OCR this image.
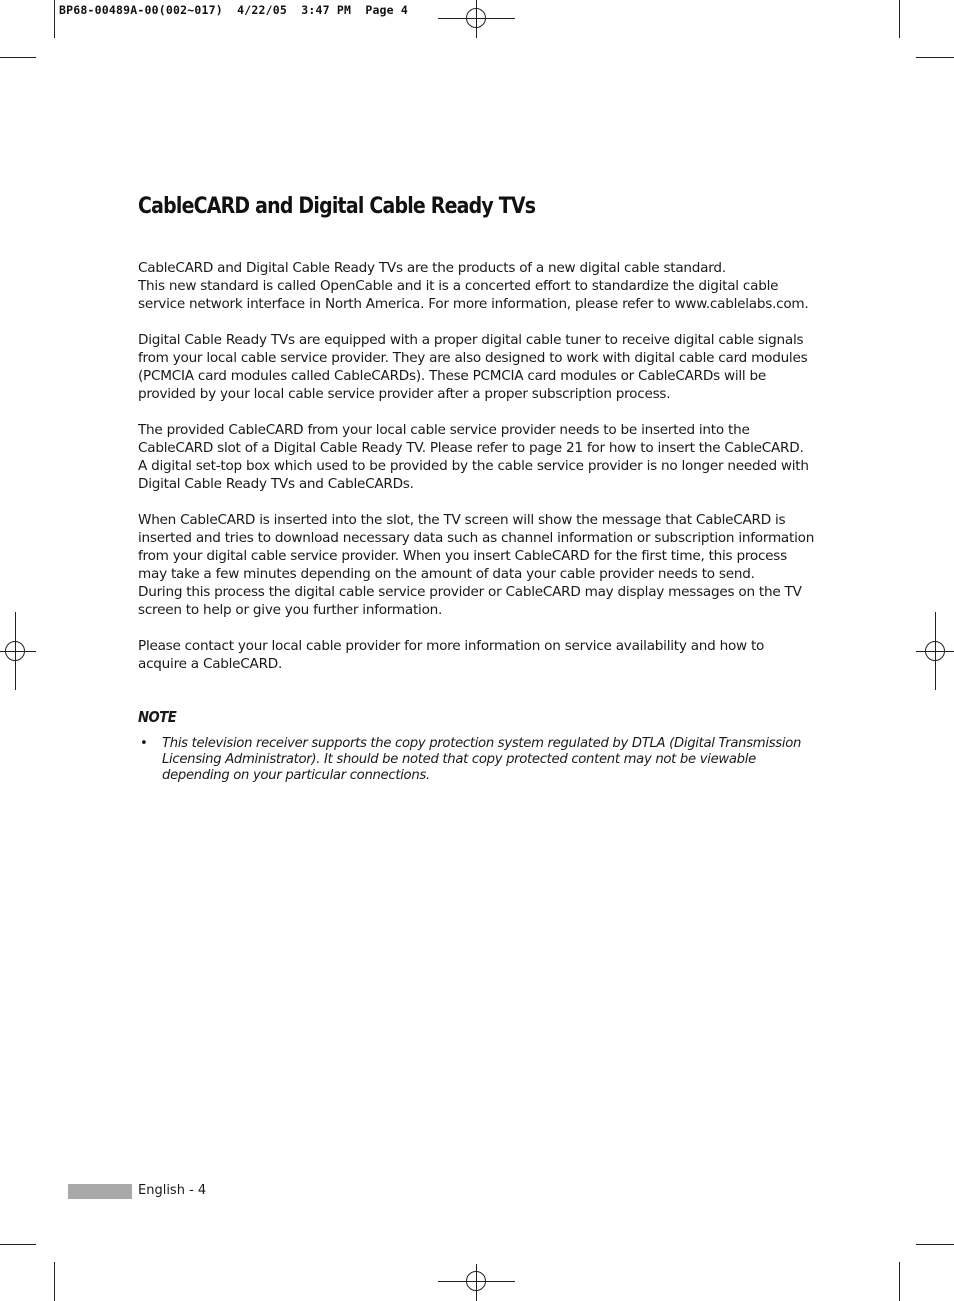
BP68-00489A-00(002~017)  4/22/05  3:47 PM  Page 4
CableCARD and Digital Cable Ready TVs

CableCARD and Digital Cable Ready TVs are the products of a new digital cable standard.
This new standard is called OpenCable and it is a concerted effort to standardize the digital cable
service network interface in North America. For more information, please refer to www.cablelabs.com.

Digital Cable Ready TVs are equipped with a proper digital cable tuner to receive digital cable signals
from your local cable service provider. They are also designed to work with digital cable card modules
(PCMCIA card modules called CableCARDs). These PCMCIA card modules or CableCARDs will be
provided by your local cable service provider after a proper subscription process.

The provided CableCARD from your local cable service provider needs to be inserted into the
CableCARD slot of a Digital Cable Ready TV. Please refer to page 21 for how to insert the CableCARD.
A digital set-top box which used to be provided by the cable service provider is no longer needed with
Digital Cable Ready TVs and CableCARDs.

When CableCARD is inserted into the slot, the TV screen will show the message that CableCARD is
inserted and tries to download necessary data such as channel information or subscription information
from your digital cable service provider. When you insert CableCARD for the first time, this process
may take a few minutes depending on the amount of data your cable provider needs to send.
During this process the digital cable service provider or CableCARD may display messages on the TV
screen to help or give you further information.

Please contact your local cable provider for more information on service availability and how to
acquire a CableCARD.

NOTE
• This television receiver supports the copy protection system regulated by DTLA (Digital Transmission
Licensing Administrator). It should be noted that copy protected content may not be viewable
depending on your particular connections.
English - 4
